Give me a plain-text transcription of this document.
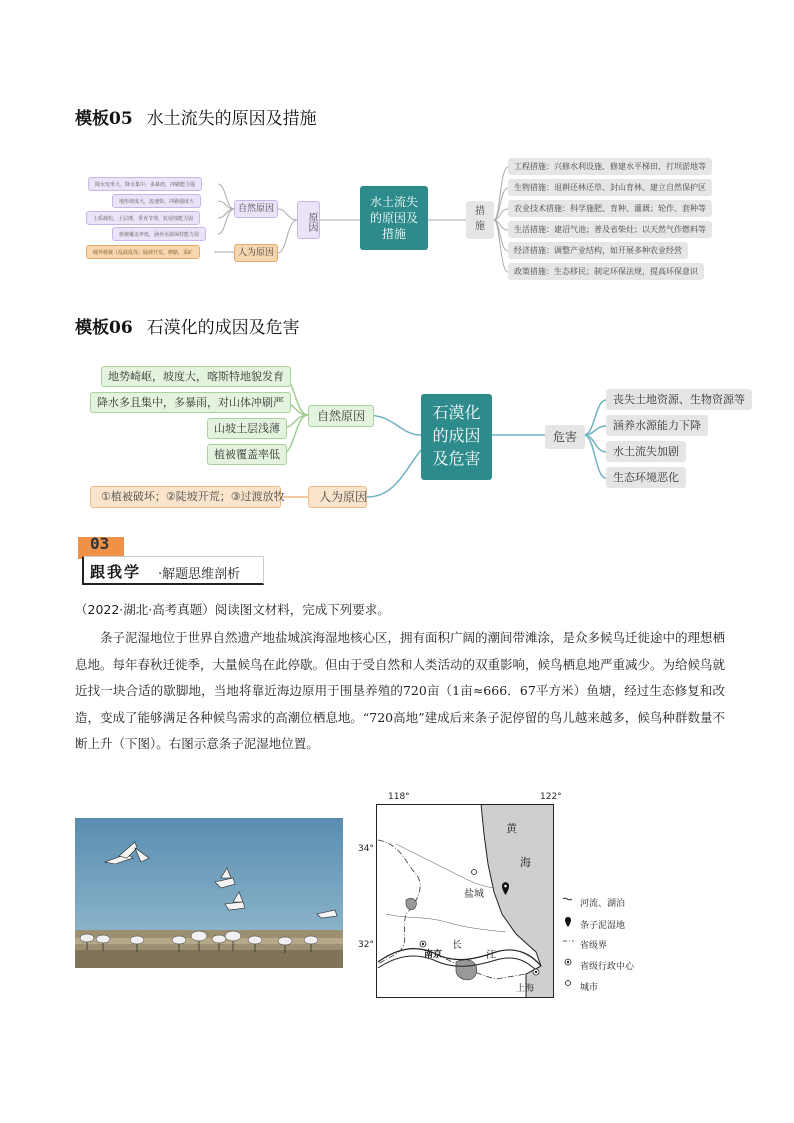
模板05 水土流失的原因及措施
降水变率大，降水集中，多暴雨，冲刷能力强
地形坡度大，流速快，冲刷强度大
土质疏松，土层薄，垂直节理，抗侵蚀能力弱
植被覆盖率低，涵养水源保持能力弱
破坏植被（乱砍乱伐；陡坡开荒，修路，采矿
自然原因
人为原因
原因
水土流失的原因及措施
措施
工程措施：兴修水利设施、修建水平梯田、打坝淤地等
生物措施：退耕还林还草、封山育林、建立自然保护区
农业技术措施：科学施肥、育种、灌溉；轮作、套种等
生活措施：建沼气池；普及省柴灶；以天然气作燃料等
经济措施：调整产业结构，如开展多种农业经营
政策措施：生态移民；制定环保法规，提高环保意识
模板06 石漠化的成因及危害
地势崎岖，坡度大，喀斯特地貌发育
降水多且集中，多暴雨，对山体冲刷严
山坡土层浅薄
植被覆盖率低
自然原因
①植被破坏；②陡坡开荒；③过渡放牧	人为原因
石漠化的成因及危害
危害
丧失土地资源、生物资源等
涵养水源能力下降
水土流失加剧
生态环境恶化
03
跟我学 ·解题思维剖析
（2022·湖北·高考真题）阅读图文材料，完成下列要求。

条子泥湿地位于世界自然遗产地盐城滨海湿地核心区，拥有面积广阔的潮间带滩涂，是众多候鸟迁徙途中的理想栖息地。每年春秋迁徙季，大量候鸟在此停歇。但由于受自然和人类活动的双重影响，候鸟栖息地严重减少。为给候鸟就近找一块合适的歇脚地，当地将靠近海边原用于围垦养殖的720亩（1亩≈666．67平方米）鱼塘，经过生态修复和改造，变成了能够满足各种候鸟需求的高潮位栖息地。“720高地”建成后来条子泥停留的鸟儿越来越多，候鸟种群数量不断上升（下图）。右图示意条子泥湿地位置。

118°	122°
34°
32°
黄
海
盐城
南京
上海
长
江
河流、湖泊
条子泥湿地
省级界
省级行政中心
城市
